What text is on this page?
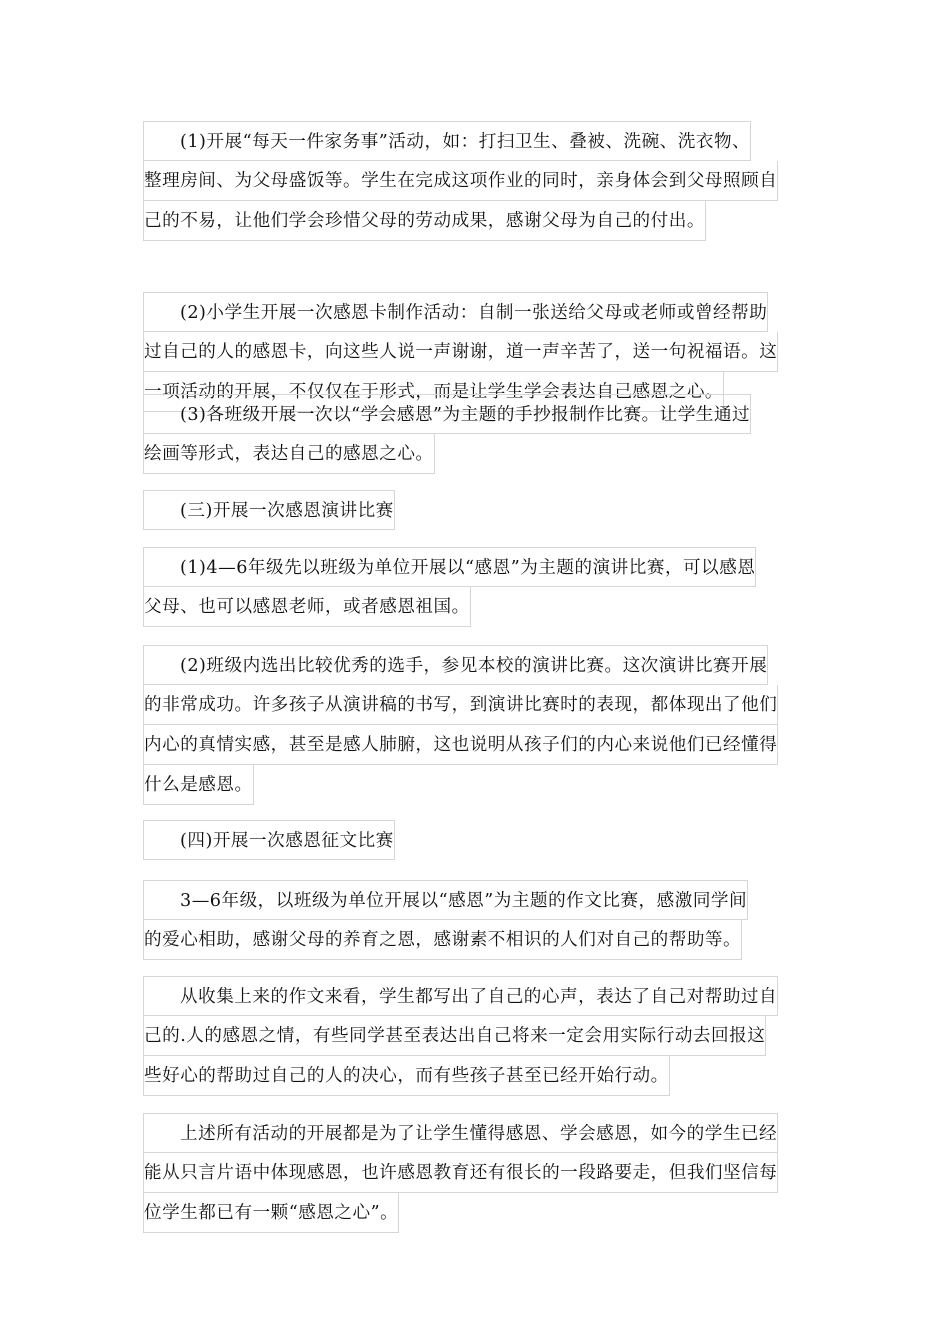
(1)开展“每天一件家务事”活动，如：打扫卫生、叠被、洗碗、洗衣物、
整理房间、为父母盛饭等。学生在完成这项作业的同时，亲身体会到父母照顾自
己的不易，让他们学会珍惜父母的劳动成果，感谢父母为自己的付出。
(2)小学生开展一次感恩卡制作活动：自制一张送给父母或老师或曾经帮助
过自己的人的感恩卡，向这些人说一声谢谢，道一声辛苦了，送一句祝福语。这
一项活动的开展，不仅仅在于形式，而是让学生学会表达自己感恩之心。
(3)各班级开展一次以“学会感恩”为主题的手抄报制作比赛。让学生通过
绘画等形式，表达自己的感恩之心。
(三)开展一次感恩演讲比赛
(1)4—6年级先以班级为单位开展以“感恩”为主题的演讲比赛，可以感恩
父母、也可以感恩老师，或者感恩祖国。
(2)班级内选出比较优秀的选手，参见本校的演讲比赛。这次演讲比赛开展
的非常成功。许多孩子从演讲稿的书写，到演讲比赛时的表现，都体现出了他们
内心的真情实感，甚至是感人肺腑，这也说明从孩子们的内心来说他们已经懂得
什么是感恩。
(四)开展一次感恩征文比赛
3—6年级，以班级为单位开展以“感恩”为主题的作文比赛，感激同学间
的爱心相助，感谢父母的养育之恩，感谢素不相识的人们对自己的帮助等。
从收集上来的作文来看，学生都写出了自己的心声，表达了自己对帮助过自
己的.人的感恩之情，有些同学甚至表达出自己将来一定会用实际行动去回报这
些好心的帮助过自己的人的决心，而有些孩子甚至已经开始行动。
上述所有活动的开展都是为了让学生懂得感恩、学会感恩，如今的学生已经
能从只言片语中体现感恩，也许感恩教育还有很长的一段路要走，但我们坚信每
位学生都已有一颗“感恩之心”。
